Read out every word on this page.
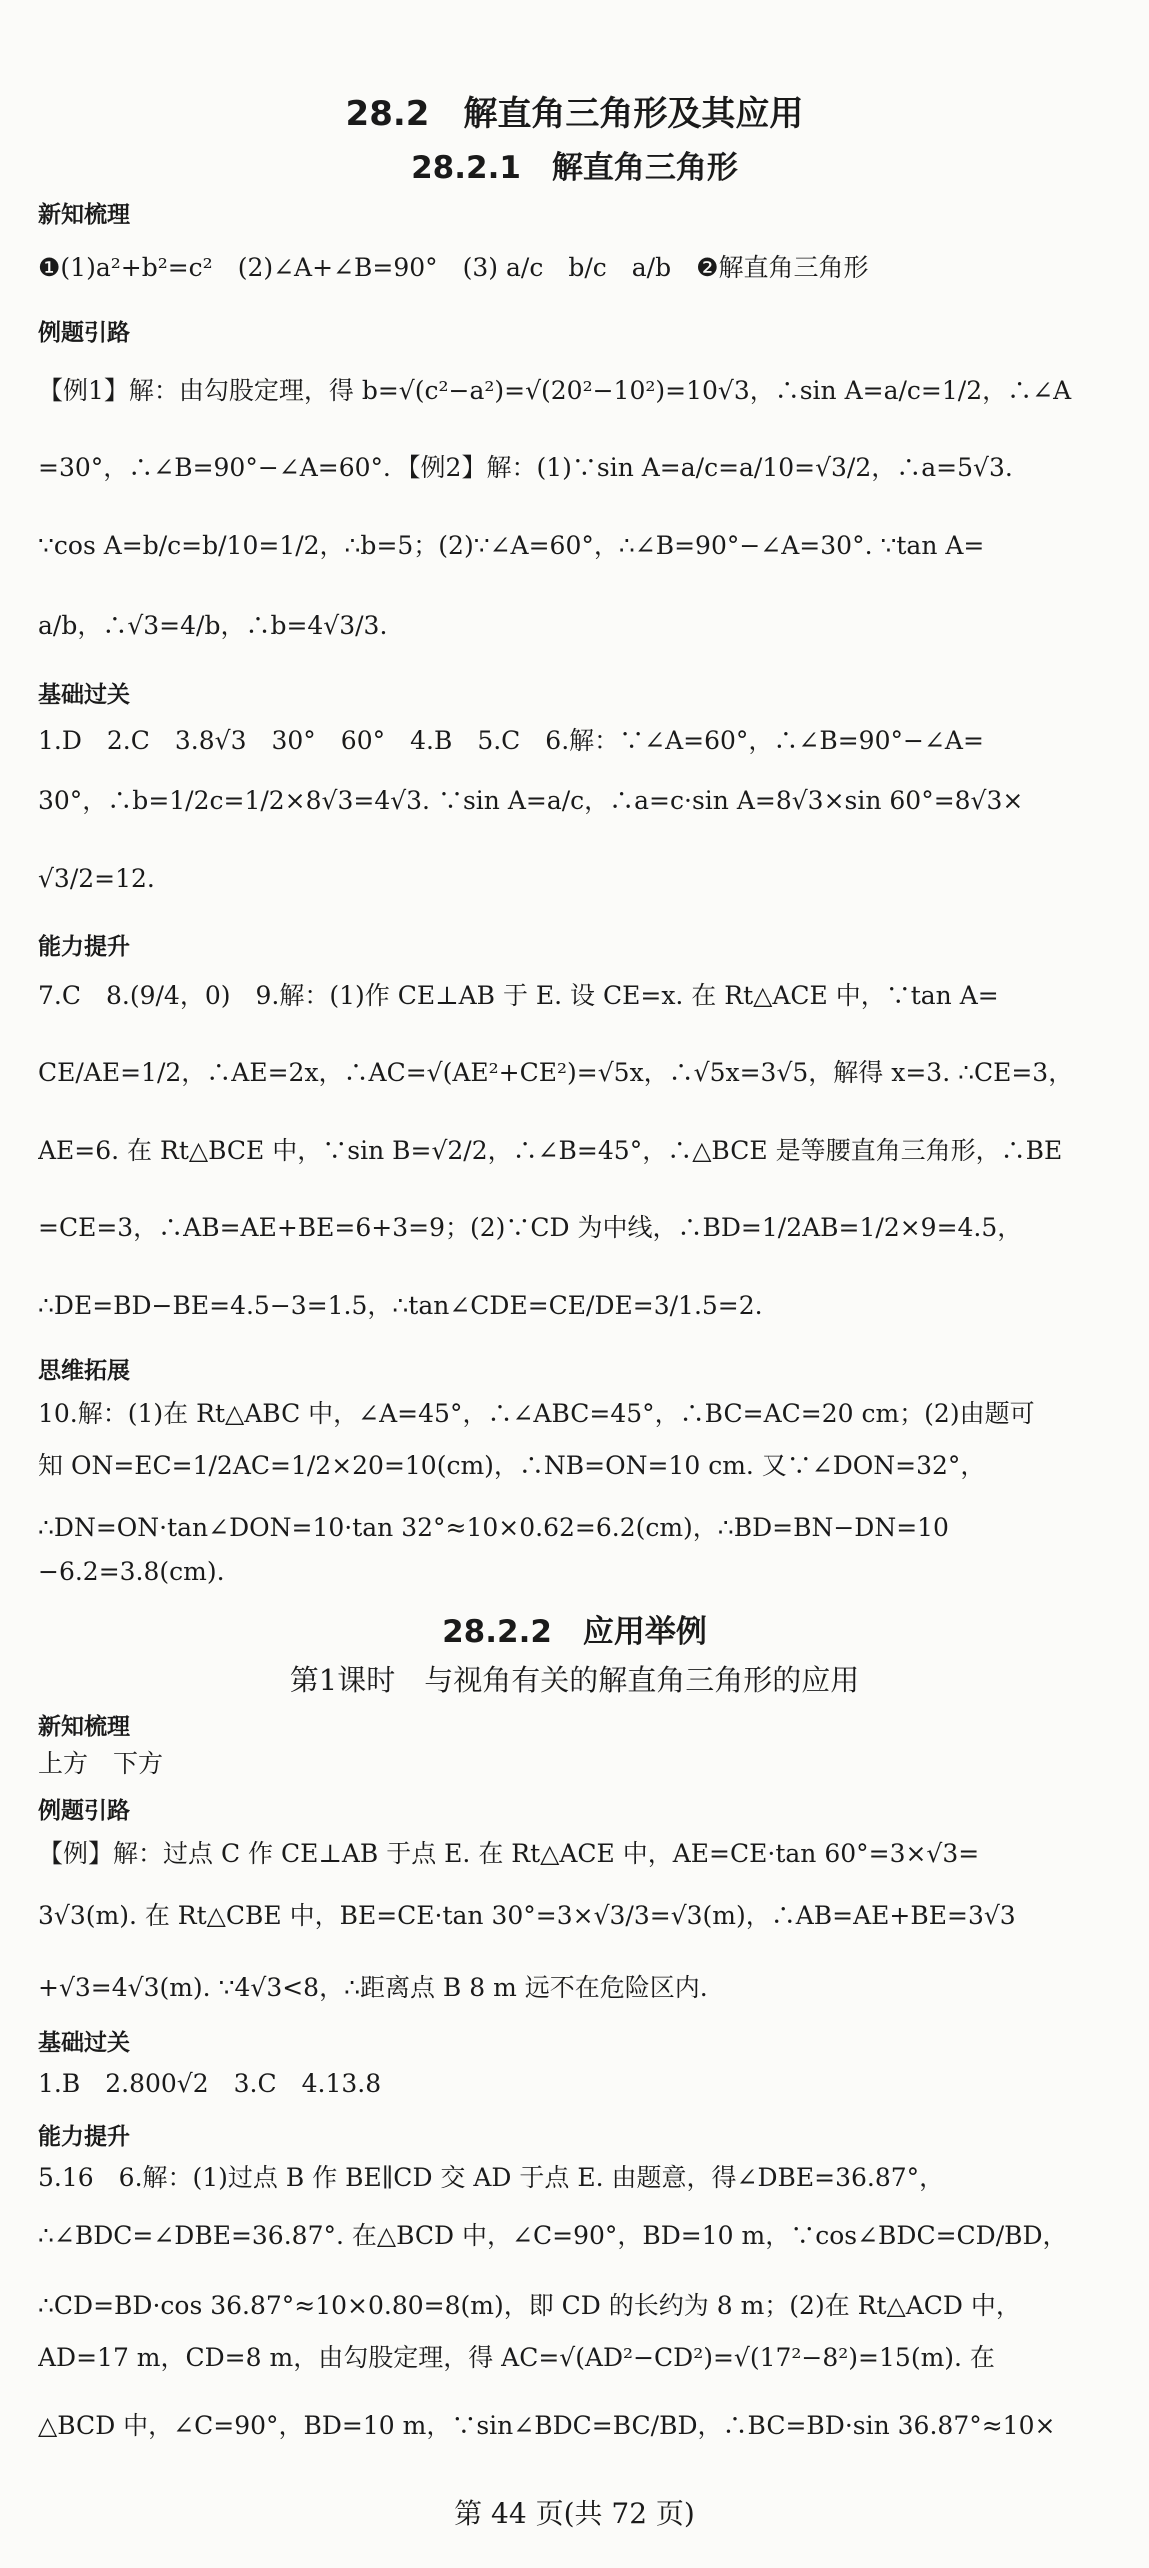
28.2　解直角三角形及其应用
28.2.1　解直角三角形
新知梳理
❶(1)a²+b²=c²　(2)∠A+∠B=90°　(3) a/c　b/c　a/b　❷解直角三角形
例题引路
【例1】解：由勾股定理，得 b=√(c²−a²)=√(20²−10²)=10√3，∴sin A=a/c=1/2，∴∠A
=30°，∴∠B=90°−∠A=60°．【例2】解：(1)∵sin A=a/c=a/10=√3/2，∴a=5√3.
∵cos A=b/c=b/10=1/2，∴b=5；(2)∵∠A=60°，∴∠B=90°−∠A=30°. ∵tan A=
a/b，∴√3=4/b，∴b=4√3/3.
基础过关
1.D　2.C　3.8√3　30°　60°　4.B　5.C　6.解：∵∠A=60°，∴∠B=90°−∠A=
30°，∴b=1/2c=1/2×8√3=4√3. ∵sin A=a/c，∴a=c·sin A=8√3×sin 60°=8√3×
√3/2=12.
能力提升
7.C　8.(9/4，0)　9.解：(1)作 CE⊥AB 于 E. 设 CE=x. 在 Rt△ACE 中，∵tan A=
CE/AE=1/2，∴AE=2x，∴AC=√(AE²+CE²)=√5x，∴√5x=3√5，解得 x=3. ∴CE=3，
AE=6. 在 Rt△BCE 中，∵sin B=√2/2，∴∠B=45°，∴△BCE 是等腰直角三角形，∴BE
=CE=3，∴AB=AE+BE=6+3=9；(2)∵CD 为中线，∴BD=1/2AB=1/2×9=4.5，
∴DE=BD−BE=4.5−3=1.5，∴tan∠CDE=CE/DE=3/1.5=2.
思维拓展
10.解：(1)在 Rt△ABC 中，∠A=45°，∴∠ABC=45°，∴BC=AC=20 cm；(2)由题可
知 ON=EC=1/2AC=1/2×20=10(cm)，∴NB=ON=10 cm. 又∵∠DON=32°，
∴DN=ON·tan∠DON=10·tan 32°≈10×0.62=6.2(cm)，∴BD=BN−DN=10
−6.2=3.8(cm).
28.2.2　应用举例
第1课时　与视角有关的解直角三角形的应用
新知梳理
上方　下方
例题引路
【例】解：过点 C 作 CE⊥AB 于点 E. 在 Rt△ACE 中，AE=CE·tan 60°=3×√3=
3√3(m). 在 Rt△CBE 中，BE=CE·tan 30°=3×√3/3=√3(m)，∴AB=AE+BE=3√3
+√3=4√3(m). ∵4√3<8，∴距离点 B 8 m 远不在危险区内.
基础过关
1.B　2.800√2　3.C　4.13.8
能力提升
5.16　6.解：(1)过点 B 作 BE∥CD 交 AD 于点 E. 由题意，得∠DBE=36.87°，
∴∠BDC=∠DBE=36.87°. 在△BCD 中，∠C=90°，BD=10 m，∵cos∠BDC=CD/BD，
∴CD=BD·cos 36.87°≈10×0.80=8(m)，即 CD 的长约为 8 m；(2)在 Rt△ACD 中，
AD=17 m，CD=8 m，由勾股定理，得 AC=√(AD²−CD²)=√(17²−8²)=15(m). 在
△BCD 中，∠C=90°，BD=10 m，∵sin∠BDC=BC/BD，∴BC=BD·sin 36.87°≈10×
第 44 页(共 72 页)
